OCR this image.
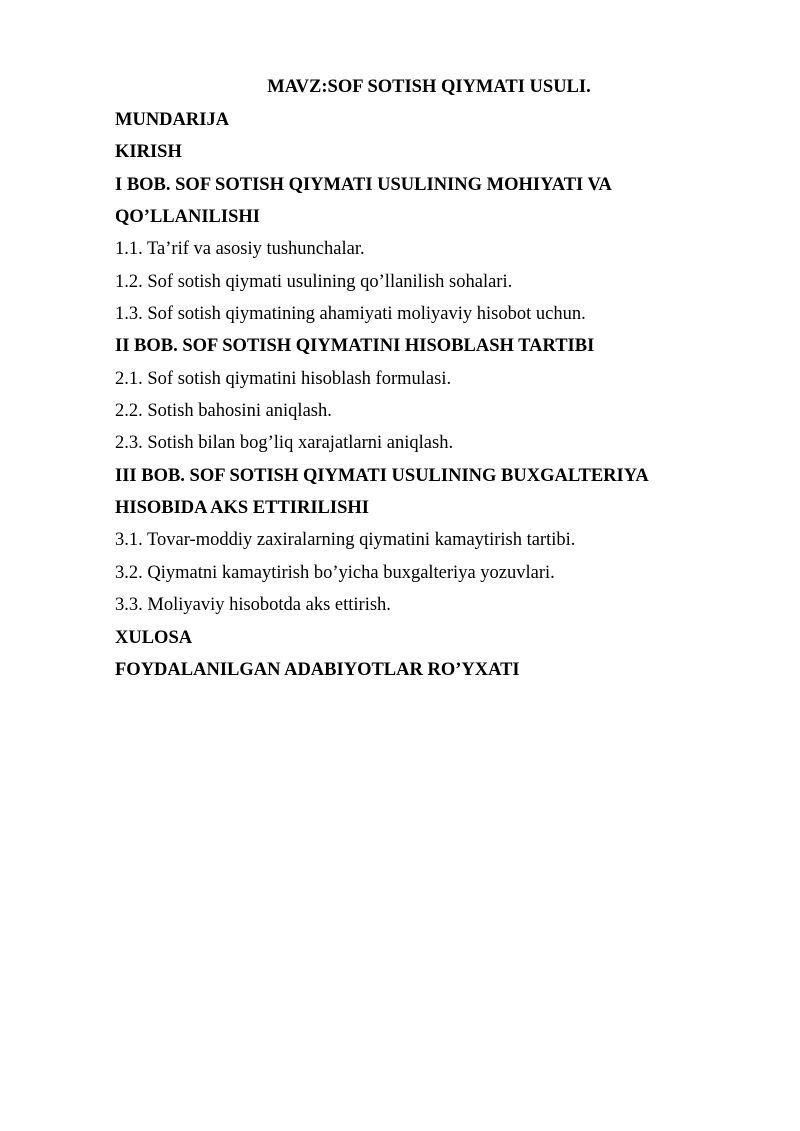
MAVZ:SOF SOTISH QIYMATI USULI.
MUNDARIJA
KIRISH
I BOB. SOF SOTISH QIYMATI USULINING MOHIYATI VA
QO’LLANILISHI
1.1. Ta’rif va asosiy tushunchalar.
1.2. Sof sotish qiymati usulining qo’llanilish sohalari.
1.3. Sof sotish qiymatining ahamiyati moliyaviy hisobot uchun.
II BOB. SOF SOTISH QIYMATINI HISOBLASH TARTIBI
2.1. Sof sotish qiymatini hisoblash formulasi.
2.2. Sotish bahosini aniqlash.
2.3. Sotish bilan bog’liq xarajatlarni aniqlash.
III BOB. SOF SOTISH QIYMATI USULINING BUXGALTERIYA
HISOBIDA AKS ETTIRILISHI
3.1. Tovar-moddiy zaxiralarning qiymatini kamaytirish tartibi.
3.2. Qiymatni kamaytirish bo’yicha buxgalteriya yozuvlari.
3.3. Moliyaviy hisobotda aks ettirish.
XULOSA
FOYDALANILGAN ADABIYOTLAR RO’YXATI
